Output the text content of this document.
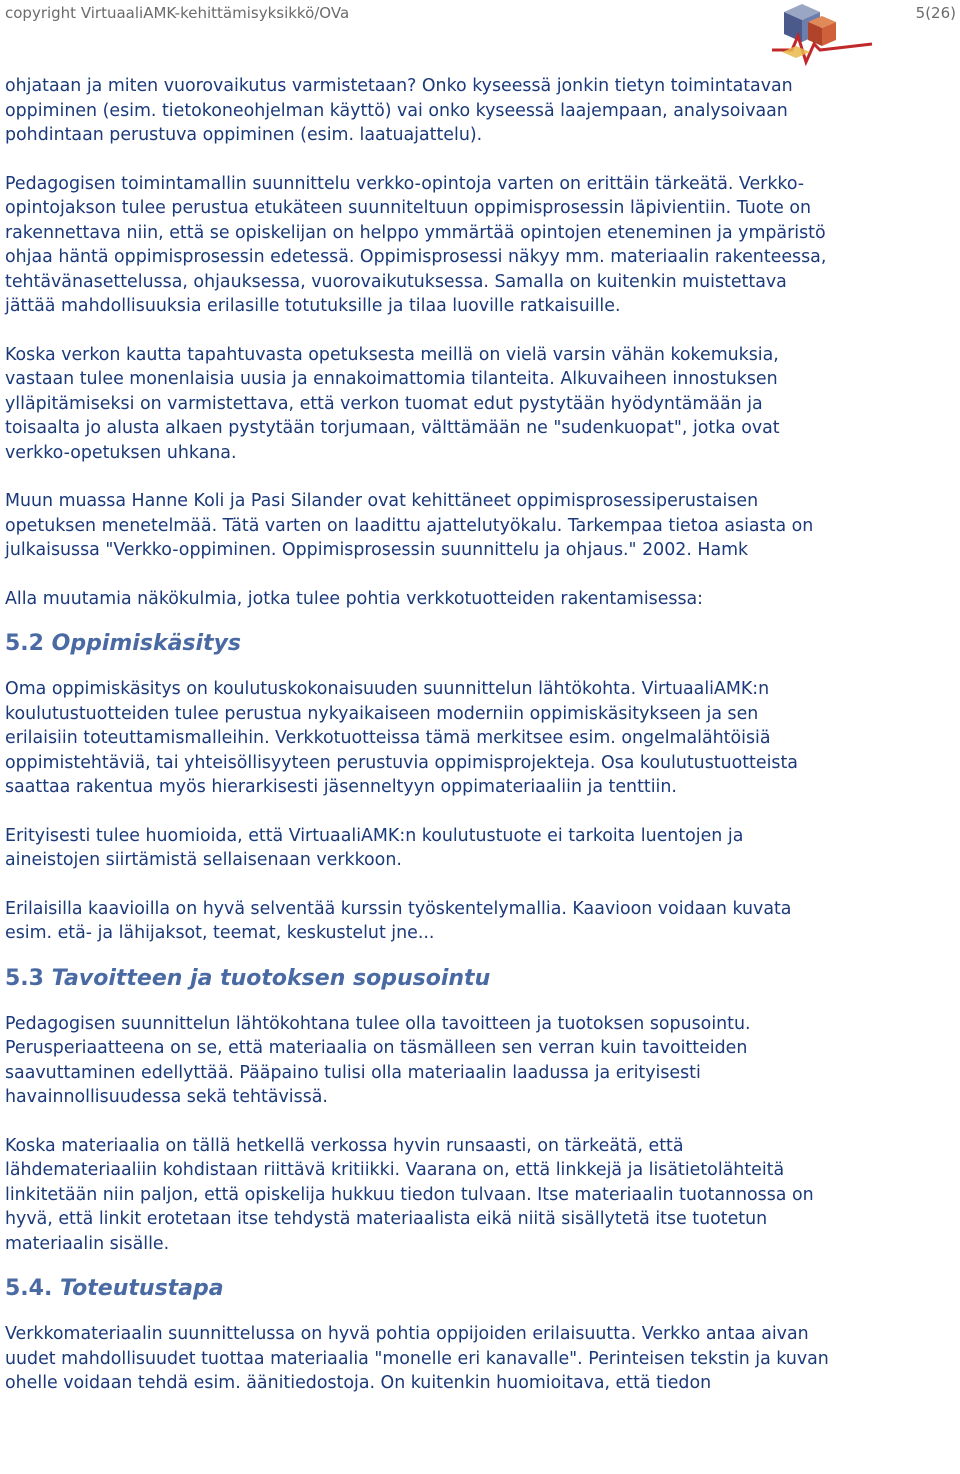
copyright VirtuaaliAMK-kehittämisyksikkö/OVa	5(26)

ohjataan ja miten vuorovaikutus varmistetaan? Onko kyseessä jonkin tietyn toimintatavan
oppiminen (esim. tietokoneohjelman käyttö) vai onko kyseessä laajempaan, analysoivaan
pohdintaan perustuva oppiminen (esim. laatuajattelu).

Pedagogisen toimintamallin suunnittelu verkko-opintoja varten on erittäin tärkeätä. Verkko-
opintojakson tulee perustua etukäteen suunniteltuun oppimisprosessin läpivientiin. Tuote on
rakennettava niin, että se opiskelijan on helppo ymmärtää opintojen eteneminen ja ympäristö
ohjaa häntä oppimisprosessin edetessä. Oppimisprosessi näkyy mm. materiaalin rakenteessa,
tehtävänasettelussa, ohjauksessa, vuorovaikutuksessa. Samalla on kuitenkin muistettava
jättää mahdollisuuksia erilasille totutuksille ja tilaa luoville ratkaisuille.

Koska verkon kautta tapahtuvasta opetuksesta meillä on vielä varsin vähän kokemuksia,
vastaan tulee monenlaisia uusia ja ennakoimattomia tilanteita. Alkuvaiheen innostuksen
ylläpitämiseksi on varmistettava, että verkon tuomat edut pystytään hyödyntämään ja
toisaalta jo alusta alkaen pystytään torjumaan, välttämään ne "sudenkuopat", jotka ovat
verkko-opetuksen uhkana.

Muun muassa Hanne Koli ja Pasi Silander ovat kehittäneet oppimisprosessiperustaisen
opetuksen menetelmää. Tätä varten on laadittu ajattelutyökalu. Tarkempaa tietoa asiasta on
julkaisussa "Verkko-oppiminen. Oppimisprosessin suunnittelu ja ohjaus." 2002. Hamk

Alla muutamia näkökulmia, jotka tulee pohtia verkkotuotteiden rakentamisessa:

5.2 Oppimiskäsitys

Oma oppimiskäsitys on koulutuskokonaisuuden suunnittelun lähtökohta. VirtuaaliAMK:n
koulutustuotteiden tulee perustua nykyaikaiseen moderniin oppimiskäsitykseen ja sen
erilaisiin toteuttamismalleihin. Verkkotuotteissa tämä merkitsee esim. ongelmalähtöisiä
oppimistehtäviä, tai yhteisöllisyyteen perustuvia oppimisprojekteja. Osa koulutustuotteista
saattaa rakentua myös hierarkisesti jäsenneltyyn oppimateriaaliin ja tenttiin.

Erityisesti tulee huomioida, että VirtuaaliAMK:n koulutustuote ei tarkoita luentojen ja
aineistojen siirtämistä sellaisenaan verkkoon.

Erilaisilla kaavioilla on hyvä selventää kurssin työskentelymallia. Kaavioon voidaan kuvata
esim. etä- ja lähijaksot, teemat, keskustelut jne...

5.3 Tavoitteen ja tuotoksen sopusointu

Pedagogisen suunnittelun lähtökohtana tulee olla tavoitteen ja tuotoksen sopusointu.
Perusperiaatteena on se, että materiaalia on täsmälleen sen verran kuin tavoitteiden
saavuttaminen edellyttää. Pääpaino tulisi olla materiaalin laadussa ja erityisesti
havainnollisuudessa sekä tehtävissä.

Koska materiaalia on tällä hetkellä verkossa hyvin runsaasti, on tärkeätä, että
lähdemateriaaliin kohdistaan riittävä kritiikki. Vaarana on, että linkkejä ja lisätietolähteitä
linkitetään niin paljon, että opiskelija hukkuu tiedon tulvaan. Itse materiaalin tuotannossa on
hyvä, että linkit erotetaan itse tehdystä materiaalista eikä niitä sisällytetä itse tuotetun
materiaalin sisälle.

5.4. Toteutustapa

Verkkomateriaalin suunnittelussa on hyvä pohtia oppijoiden erilaisuutta. Verkko antaa aivan
uudet mahdollisuudet tuottaa materiaalia "monelle eri kanavalle". Perinteisen tekstin ja kuvan
ohelle voidaan tehdä esim. äänitiedostoja. On kuitenkin huomioitava, että tiedon
